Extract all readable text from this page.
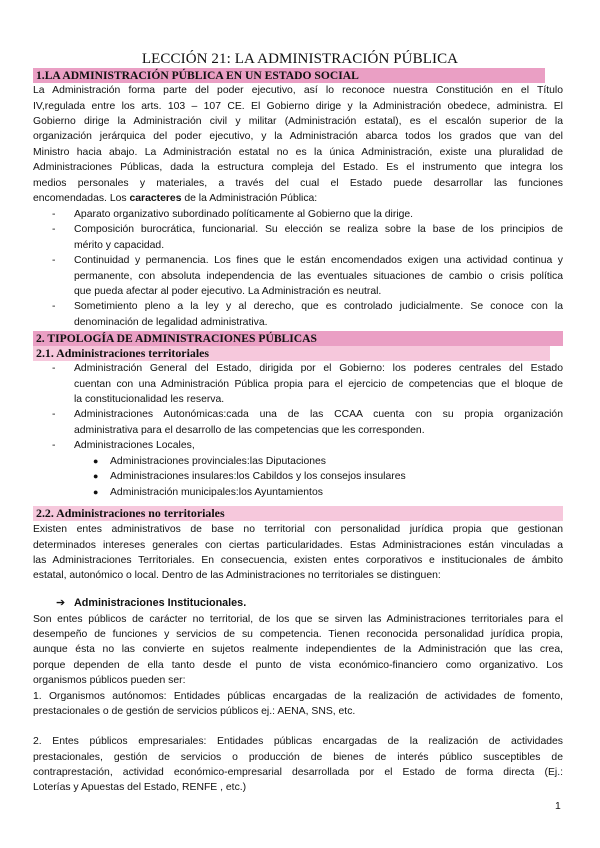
LECCIÓN 21: LA ADMINISTRACIÓN PÚBLICA
1.LA ADMINISTRACIÓN PÚBLICA EN UN ESTADO SOCIAL
La Administración forma parte del poder ejecutivo, así lo reconoce nuestra Constitución en el Título
IV,regulada entre los arts. 103 – 107 CE. El Gobierno dirige y la Administración obedece, administra. El
Gobierno dirige la Administración civil y militar (Administración estatal), es el escalón superior de la
organización jerárquica del poder ejecutivo, y la Administración abarca todos los grados que van del
Ministro hacia abajo. La Administración estatal no es la única Administración, existe una pluralidad de
Administraciones Públicas, dada la estructura compleja del Estado. Es el instrumento que integra los
medios personales y materiales, a través del cual el Estado puede desarrollar las funciones
encomendadas. Los caracteres de la Administración Pública:
- Aparato organizativo subordinado políticamente al Gobierno que la dirige.
- Composición burocrática, funcionarial. Su elección se realiza sobre la base de los principios de
mérito y capacidad.
- Continuidad y permanencia. Los fines que le están encomendados exigen una actividad continua y
permanente, con absoluta independencia de las eventuales situaciones de cambio o crisis política
que pueda afectar al poder ejecutivo. La Administración es neutral.
- Sometimiento pleno a la ley y al derecho, que es controlado judicialmente. Se conoce con la
denominación de legalidad administrativa.
2. TIPOLOGÍA DE ADMINISTRACIONES PÚBLICAS
2.1. Administraciones territoriales
- Administración General del Estado, dirigida por el Gobierno: los poderes centrales del Estado
cuentan con una Administración Pública propia para el ejercicio de competencias que el bloque de
la constitucionalidad les reserva.
- Administraciones Autonómicas:cada una de las CCAA cuenta con su propia organización
administrativa para el desarrollo de las competencias que les corresponden.
- Administraciones Locales,
● Administraciones provinciales:las Diputaciones
● Administraciones insulares:los Cabildos y los consejos insulares
● Administración municipales:los Ayuntamientos
2.2. Administraciones no territoriales
Existen entes administrativos de base no territorial con personalidad jurídica propia que gestionan
determinados intereses generales con ciertas particularidades. Estas Administraciones están vinculadas a
las Administraciones Territoriales. En consecuencia, existen entes corporativos e institucionales de ámbito
estatal, autonómico o local. Dentro de las Administraciones no territoriales se distinguen:
➔ Administraciones Institucionales.
Son entes públicos de carácter no territorial, de los que se sirven las Administraciones territoriales para el
desempeño de funciones y servicios de su competencia. Tienen reconocida personalidad jurídica propia,
aunque ésta no las convierte en sujetos realmente independientes de la Administración que las crea,
porque dependen de ella tanto desde el punto de vista económico-financiero como organizativo. Los
organismos públicos pueden ser:
1. Organismos autónomos: Entidades públicas encargadas de la realización de actividades de fomento,
prestacionales o de gestión de servicios públicos ej.: AENA, SNS, etc.
2. Entes públicos empresariales: Entidades públicas encargadas de la realización de actividades
prestacionales, gestión de servicios o producción de bienes de interés público susceptibles de
contraprestación, actividad económico-empresarial desarrollada por el Estado de forma directa (Ej.:
Loterías y Apuestas del Estado, RENFE , etc.)
1
